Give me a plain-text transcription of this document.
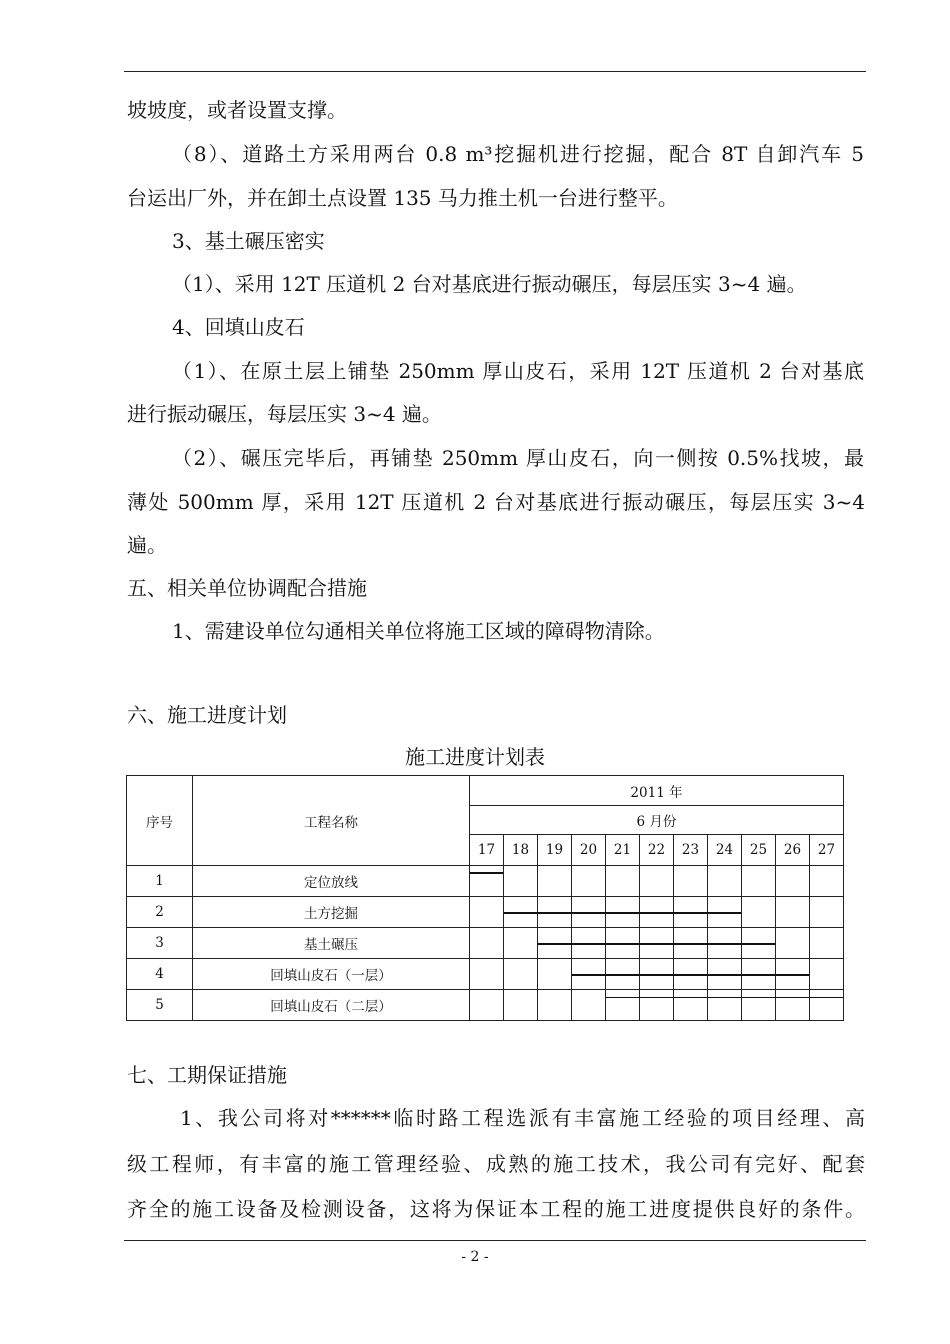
坡坡度，或者设置支撑。
（8）、道路土方采用两台 0.8 m³挖掘机进行挖掘，配合 8T 自卸汽车 5
台运出厂外，并在卸土点设置 135 马力推土机一台进行整平。
3、基土碾压密实
（1）、采用 12T 压道机 2 台对基底进行振动碾压，每层压实 3~4 遍。
4、回填山皮石
（1）、在原土层上铺垫 250mm 厚山皮石，采用 12T 压道机 2 台对基底
进行振动碾压，每层压实 3~4 遍。
（2）、碾压完毕后，再铺垫 250mm 厚山皮石，向一侧按 0.5%找坡，最
薄处 500mm 厚，采用 12T 压道机 2 台对基底进行振动碾压，每层压实 3~4
遍。
五、相关单位协调配合措施
1、需建设单位勾通相关单位将施工区域的障碍物清除。
六、施工进度计划
施工进度计划表
序号	工程名称	2011 年										
		6 月份										
		17	18	19	20	21	22	23	24	25	26	27
1	定位放线	

2	土方挖掘		

3	基土碾压			

4	回填山皮石（一层）				

5	回填山皮石（二层）					

七、工期保证措施
1、我公司将对******临时路工程选派有丰富施工经验的项目经理、高
级工程师，有丰富的施工管理经验、成熟的施工技术，我公司有完好、配套
齐全的施工设备及检测设备，这将为保证本工程的施工进度提供良好的条件。
- 2 -
